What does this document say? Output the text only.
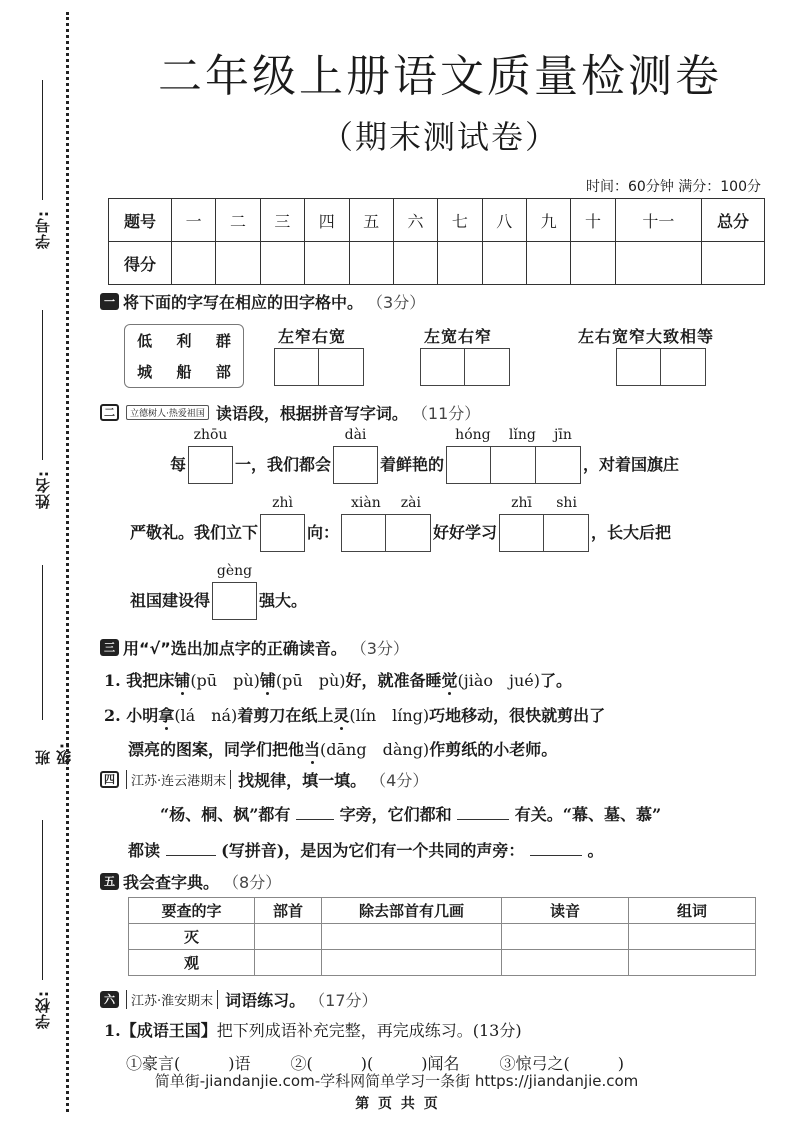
学号:
姓名:
班级:
学校:
二年级上册语文质量检测卷
（期末测试卷）
时间：60分钟 满分：100分
题号	一	二	三	四	五	六	七	八	九	十	十一	总分
得分												
一 将下面的字写在相应的田字格中。 （3分）
低 利 群
城 船 部
左窄右宽	左宽右窄	左右宽窄大致相等
二	立德树人·热爱祖国 读语段，根据拼音写字词。 （11分）
每
zhōu
一，我们都会
dài
着鲜艳的
hóng lǐng jīn
，对着国旗庄
严敬礼。我们立下
zhì
向：
xiàn zài
好好学习
zhī shi
，长大后把
祖国建设得
gèng
强大。
三 用“√”选出加点字的正确读音。 （3分）
1. 我把床铺(pū　pù)铺(pū　pù)好，就准备睡觉(jiào　jué)了。
2. 小明拿(lá　ná)着剪刀在纸上灵(lín　líng)巧地移动，很快就剪出了
漂亮的图案，同学们把他当(dāng　dàng)作剪纸的小老师。
四	江苏·连云港期末 找规律，填一填。 （4分）
“杨、桐、枫”都有	字旁，它们都和	有关。“幕、墓、慕”
都读	(写拼音)，是因为它们有一个共同的声旁：	。
五 我会查字典。 （8分）
要查的字	部首	除去部首有几画	读音	组词
灭				
观				
六	江苏·淮安期末 词语练习。 （17分）
1.【成语王国】把下列成语补充完整，再完成练习。(13分)
①豪言(　　　)语	②(　　　)(　　　)闻名	③惊弓之(　　　)
简单街-jiandanjie.com-学科网简单学习一条街 https://jiandanjie.com
第 页 共 页
